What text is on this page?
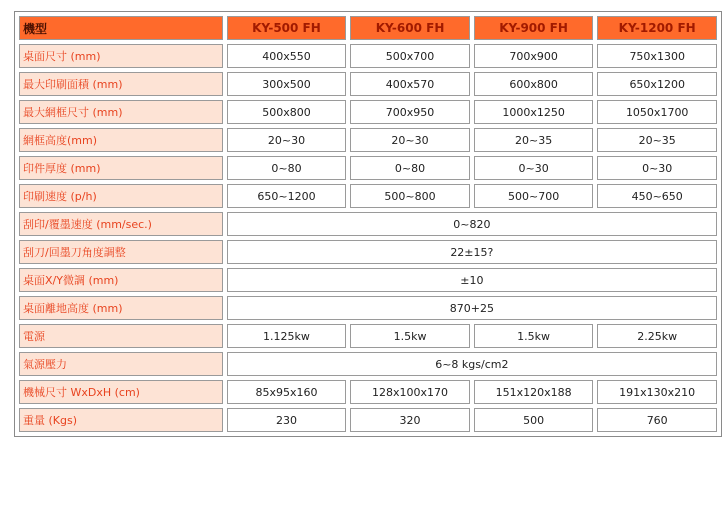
機型	KY-500 FH	KY-600 FH	KY-900 FH	KY-1200 FH
桌面尺寸 (mm)	400x550	500x700	700x900	750x1300
最大印刷面積 (mm)	300x500	400x570	600x800	650x1200
最大網框尺寸 (mm)	500x800	700x950	1000x1250	1050x1700
網框高度(mm)	20~30	20~30	20~35	20~35
印件厚度 (mm)	0~80	0~80	0~30	0~30
印刷速度 (p/h)	650~1200	500~800	500~700	450~650
刮印/覆墨速度 (mm/sec.)	0~820			
刮刀/回墨刀角度調整	22±15?			
桌面X/Y微調 (mm)	±10			
桌面離地高度 (mm)	870+25			
電源	1.125kw	1.5kw	1.5kw	2.25kw
氣源壓力	6~8 kgs/cm2			
機械尺寸 WxDxH (cm)	85x95x160	128x100x170	151x120x188	191x130x210
重量 (Kgs)	230	320	500	760
